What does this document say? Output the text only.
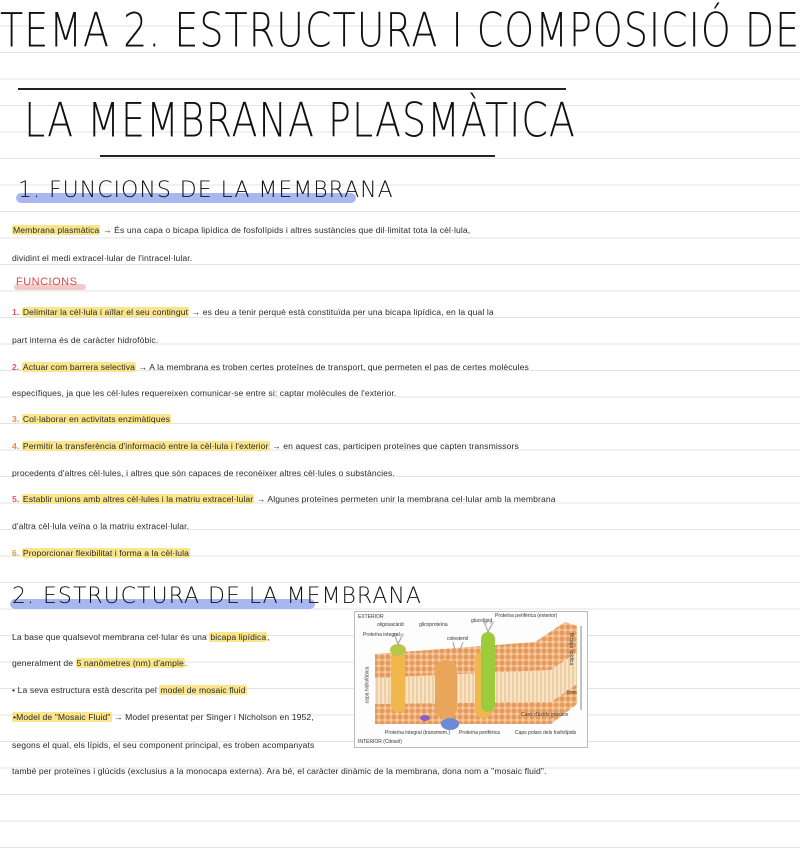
TEMA 2. ESTRUCTURA I COMPOSICIÓ DE
LA MEMBRANA PLASMÀTICA
1. FUNCIONS DE LA MEMBRANA
Membrana plasmàtica → És una capa o bicapa lipídica de fosfolípids i altres sustàncies que dil·limitat tota la cèl·lula,
dividint el medi extracel·lular de l'intracel·lular.
FUNCIONS
1. Delimitar la cèl·lula i aïllar el seu contingut → es deu a tenir perquè està constituïda per una bicapa lipídica, en la qual la
part interna és de caràcter hidrofòbic.
2. Actuar com barrera selectiva → A la membrana es troben certes proteïnes de transport, que permeten el pas de certes molècules
específiques, ja que les cèl·lules requereixen comunicar-se entre si: captar molècules de l'exterior.
3. Col·laborar en activitats enzimàtiques
4. Permitir la transferència d'informació entre la cèl·lula i l'exterior → en aquest cas, participen proteïnes que capten transmissors
procedents d'altres cèl·lules, i altres que són capaces de reconèixer altres cèl·lules o substàncies.
5. Establir unions amb altres cèl·lules i la matriu extracel·lular → Algunes proteïnes permeten unir la membrana cel·lular amb la membrana
d'altra cèl·lula veïna o la matriu extracel·lular.
6. Proporcionar flexibilitat i forma a la cèl·lula
2. ESTRUCTURA DE LA MEMBRANA
La base que qualsevol membrana cel·lular és una bicapa lipídica,
generalment de 5 nanòmetres (nm) d'ample.
• La seva estructura està descrita pel model de mosaic fluid
•Model de "Mosaic Fluid" → Model presentat per Singer i Nicholson en 1952,
segons el qual, els lípids, el seu component principal, es troben acompanyats
també per proteïnes i glúcids (exclusius a la monocapa externa). Ara bé, el caràcter dinàmic de la membrana, dona nom a "mosaic fluid".
EXTERIOR
oligosacàrid	glicoproteïna
glucolípid
Proteïna perifèrica (exterior)
Proteïna integral
colesterol
capa hidrofòbica
Bicapa lipídica
5nm
Proteïna integral (transmem.) Proteïna perifèrica
Cues d'àcids grassos
Caps polars dels fosfolípids
INTERIOR (Citosol)
